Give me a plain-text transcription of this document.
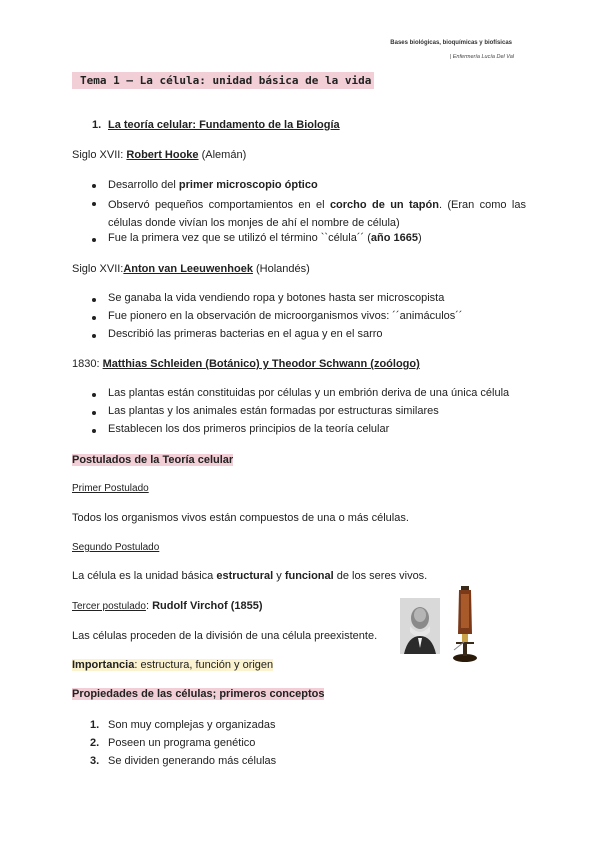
Bases biológicas, bioquímicas y biofísicas
| Enfermería Lucía Del Val
Tema 1 – La célula: unidad básica de la vida
1. La teoría celular: Fundamento de la Biología
Siglo XVII: Robert Hooke (Alemán)
Desarrollo del primer microscopio óptico
Observó pequeños comportamientos en el corcho de un tapón. (Eran como las células donde vivían los monjes de ahí el nombre de célula)
Fue la primera vez que se utilizó el término ``célula´´ (año 1665)
Siglo XVII:Anton van Leeuwenhoek (Holandés)
Se ganaba la vida vendiendo ropa y botones hasta ser microscopista
Fue pionero en la observación de microorganismos vivos: ´´animáculos´´
Describió las primeras bacterias en el agua y en el sarro
1830: Matthias Schleiden (Botánico) y Theodor Schwann (zoólogo)
Las plantas están constituidas por células y un embrión deriva de una única célula
Las plantas y los animales están formadas por estructuras similares
Establecen los dos primeros principios de la teoría celular
Postulados de la Teoría celular
Primer Postulado
Todos los organismos vivos están compuestos de una o más células.
Segundo Postulado
La célula es la unidad básica estructural y funcional de los seres vivos.
Tercer postulado: Rudolf Virchof (1855)
Las células proceden de la división de una célula preexistente.
Importancia: estructura, función y origen
Propiedades de las células; primeros conceptos
1. Son muy complejas y organizadas
2. Poseen un programa genético
3. Se dividen generando más células
